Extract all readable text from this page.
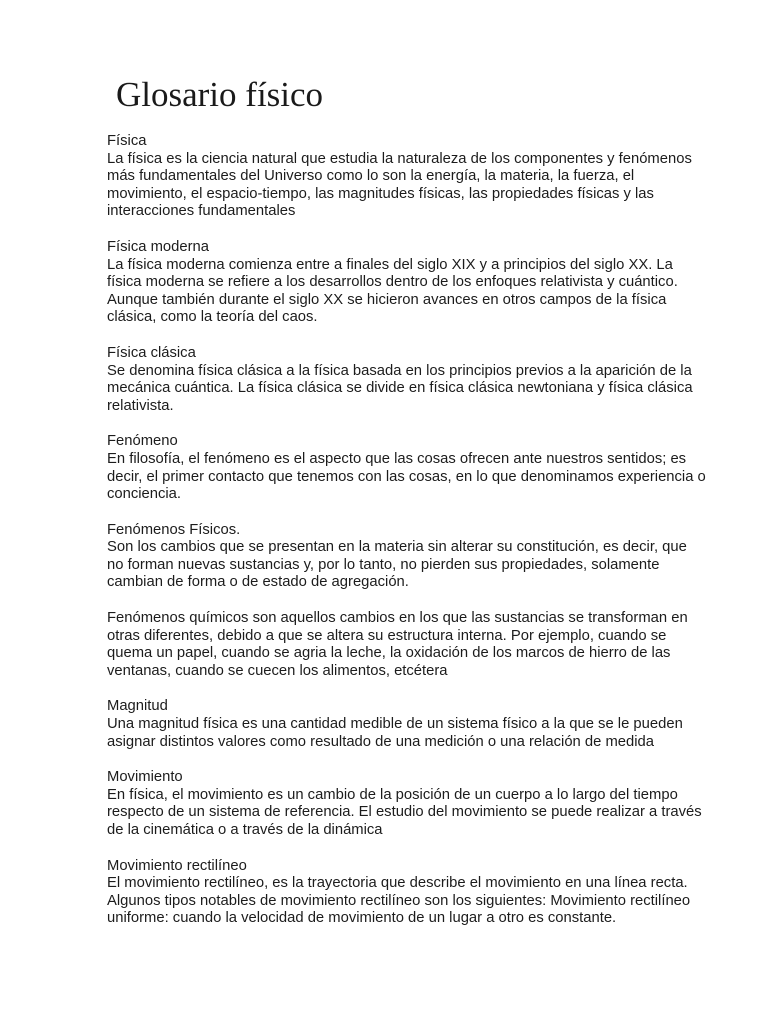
Glosario físico
Física

La física es la ciencia natural que estudia la naturaleza de los componentes y fenómenos más fundamentales del Universo como lo son la energía, la materia, la fuerza, el movimiento, el espacio-tiempo, las magnitudes físicas, las propiedades físicas y las interacciones fundamentales

Física moderna

La física moderna comienza entre a finales del siglo XIX y a principios del siglo XX. La física moderna se refiere a los desarrollos dentro de los enfoques relativista y cuántico. Aunque también durante el siglo XX se hicieron avances en otros campos de la física clásica, como la teoría del caos.

Física clásica

Se denomina física clásica a la física basada en los principios previos a la aparición de la mecánica cuántica. La física clásica se divide en física clásica newtoniana y física clásica relativista.

Fenómeno

En filosofía, el fenómeno es el aspecto que las cosas ofrecen ante nuestros sentidos; es decir, el primer contacto que tenemos con las cosas, en lo que denominamos experiencia o conciencia.

Fenómenos Físicos.

Son los cambios que se presentan en la materia sin alterar su constitución, es decir, que no forman nuevas sustancias y, por lo tanto, no pierden sus propiedades, solamente cambian de forma o de estado de agregación.

Fenómenos químicos son aquellos cambios en los que las sustancias se transforman en otras diferentes, debido a que se altera su estructura interna. Por ejemplo, cuando se quema un papel, cuando se agria la leche, la oxidación de los marcos de hierro de las ventanas, cuando se cuecen los alimentos, etcétera

Magnitud

Una magnitud física es una cantidad medible de un sistema físico a la que se le pueden asignar distintos valores como resultado de una medición o una relación de medida

Movimiento

En física, el movimiento es un cambio de la posición de un cuerpo a lo largo del tiempo respecto de un sistema de referencia. El estudio del movimiento se puede realizar a través de la cinemática o a través de la dinámica

Movimiento rectilíneo

El movimiento rectilíneo, es la trayectoria que describe el movimiento en una línea recta. Algunos tipos notables de movimiento rectilíneo son los siguientes: Movimiento rectilíneo uniforme: cuando la velocidad de movimiento de un lugar a otro es constante.
